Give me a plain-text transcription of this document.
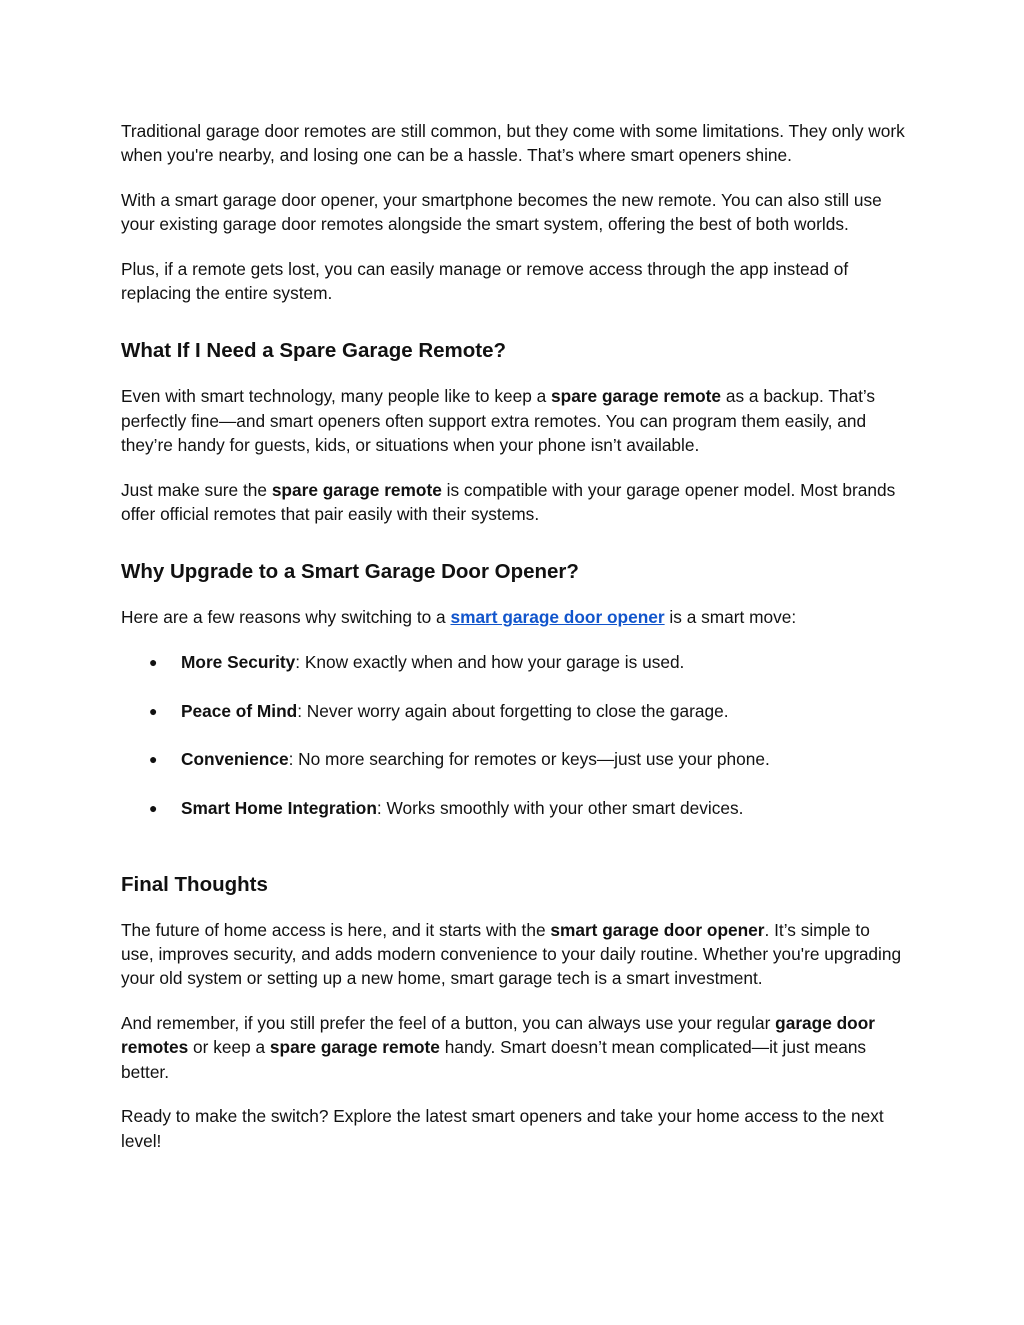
Traditional garage door remotes are still common, but they come with some limitations. They only work when you're nearby, and losing one can be a hassle. That’s where smart openers shine.

With a smart garage door opener, your smartphone becomes the new remote. You can also still use your existing garage door remotes alongside the smart system, offering the best of both worlds.

Plus, if a remote gets lost, you can easily manage or remove access through the app instead of replacing the entire system.

What If I Need a Spare Garage Remote?

Even with smart technology, many people like to keep a spare garage remote as a backup. That’s perfectly fine—and smart openers often support extra remotes. You can program them easily, and they’re handy for guests, kids, or situations when your phone isn’t available.

Just make sure the spare garage remote is compatible with your garage opener model. Most brands offer official remotes that pair easily with their systems.

Why Upgrade to a Smart Garage Door Opener?

Here are a few reasons why switching to a smart garage door opener is a smart move:

● More Security: Know exactly when and how your garage is used.
● Peace of Mind: Never worry again about forgetting to close the garage.
● Convenience: No more searching for remotes or keys—just use your phone.
● Smart Home Integration: Works smoothly with your other smart devices.
Final Thoughts

The future of home access is here, and it starts with the smart garage door opener. It’s simple to use, improves security, and adds modern convenience to your daily routine. Whether you're upgrading your old system or setting up a new home, smart garage tech is a smart investment.

And remember, if you still prefer the feel of a button, you can always use your regular garage door remotes or keep a spare garage remote handy. Smart doesn’t mean complicated—it just means better.

Ready to make the switch? Explore the latest smart openers and take your home access to the next level!
